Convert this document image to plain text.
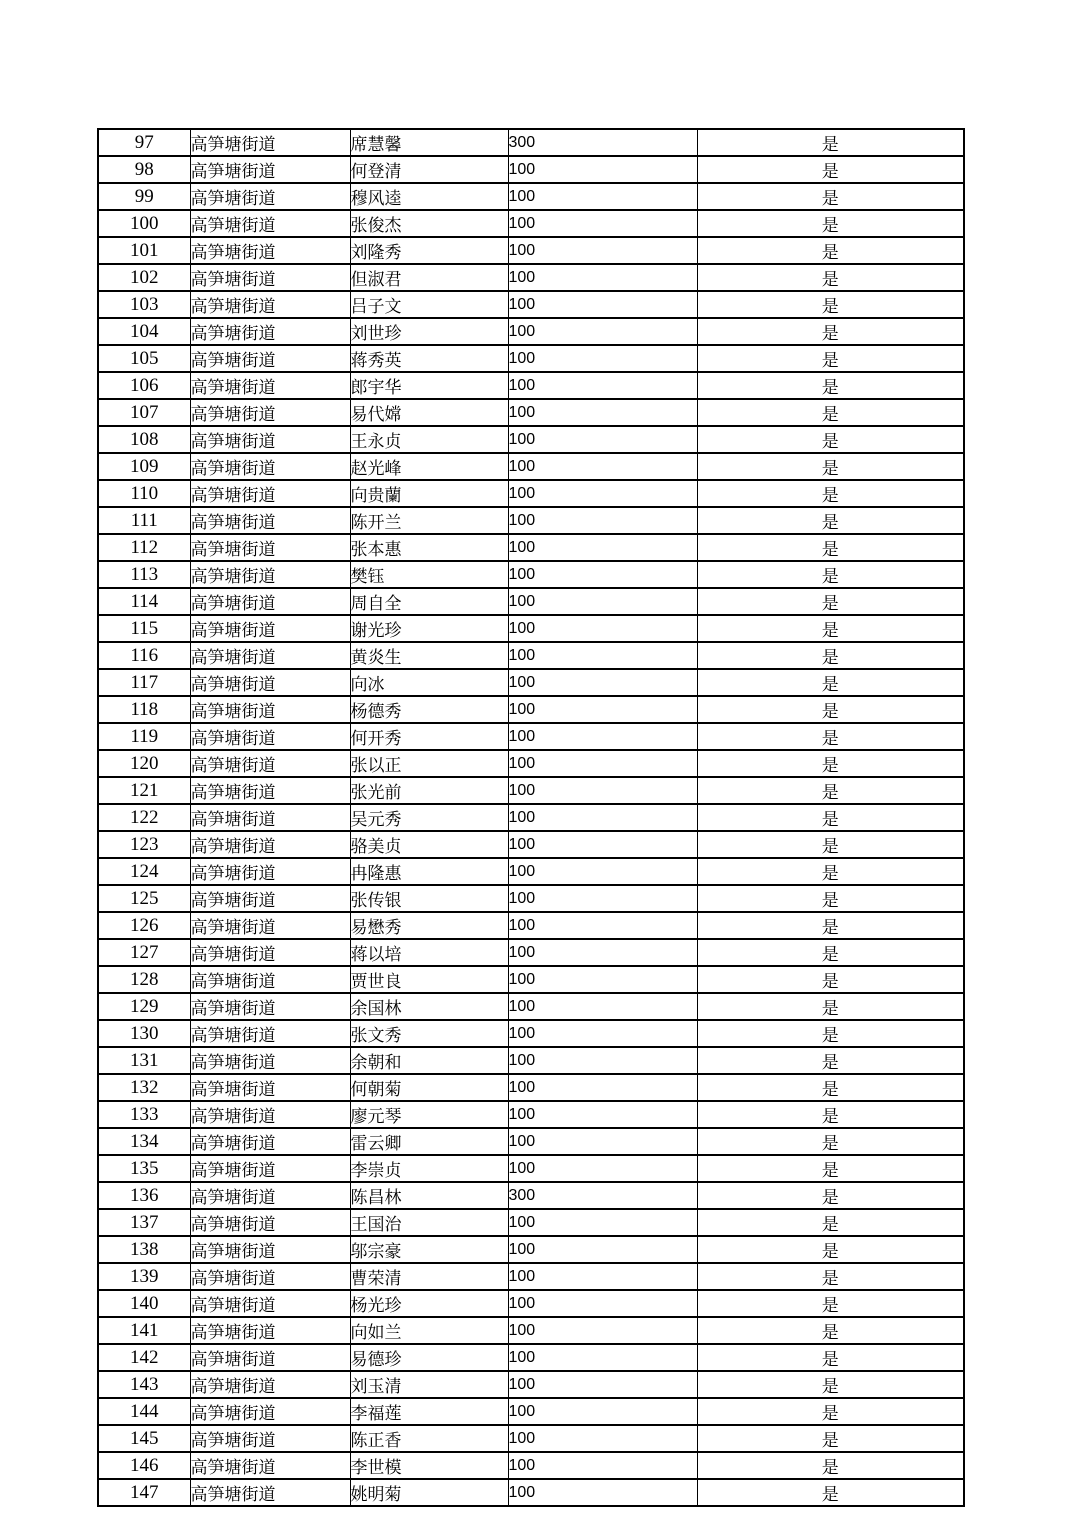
97	高笋塘街道	席慧馨	300	是
98	高笋塘街道	何登清	100	是
99	高笋塘街道	穆风逵	100	是
100	高笋塘街道	张俊杰	100	是
101	高笋塘街道	刘隆秀	100	是
102	高笋塘街道	但淑君	100	是
103	高笋塘街道	吕子文	100	是
104	高笋塘街道	刘世珍	100	是
105	高笋塘街道	蒋秀英	100	是
106	高笋塘街道	郎宇华	100	是
107	高笋塘街道	易代嫦	100	是
108	高笋塘街道	王永贞	100	是
109	高笋塘街道	赵光峰	100	是
110	高笋塘街道	向贵蘭	100	是
111	高笋塘街道	陈开兰	100	是
112	高笋塘街道	张本惠	100	是
113	高笋塘街道	樊钰	100	是
114	高笋塘街道	周自全	100	是
115	高笋塘街道	谢光珍	100	是
116	高笋塘街道	黄炎生	100	是
117	高笋塘街道	向冰	100	是
118	高笋塘街道	杨德秀	100	是
119	高笋塘街道	何开秀	100	是
120	高笋塘街道	张以正	100	是
121	高笋塘街道	张光前	100	是
122	高笋塘街道	吴元秀	100	是
123	高笋塘街道	骆美贞	100	是
124	高笋塘街道	冉隆惠	100	是
125	高笋塘街道	张传银	100	是
126	高笋塘街道	易懋秀	100	是
127	高笋塘街道	蒋以培	100	是
128	高笋塘街道	贾世良	100	是
129	高笋塘街道	余国林	100	是
130	高笋塘街道	张文秀	100	是
131	高笋塘街道	余朝和	100	是
132	高笋塘街道	何朝菊	100	是
133	高笋塘街道	廖元琴	100	是
134	高笋塘街道	雷云卿	100	是
135	高笋塘街道	李崇贞	100	是
136	高笋塘街道	陈昌林	300	是
137	高笋塘街道	王国治	100	是
138	高笋塘街道	邬宗豪	100	是
139	高笋塘街道	曹荣清	100	是
140	高笋塘街道	杨光珍	100	是
141	高笋塘街道	向如兰	100	是
142	高笋塘街道	易德珍	100	是
143	高笋塘街道	刘玉清	100	是
144	高笋塘街道	李福莲	100	是
145	高笋塘街道	陈正香	100	是
146	高笋塘街道	李世模	100	是
147	高笋塘街道	姚明菊	100	是
